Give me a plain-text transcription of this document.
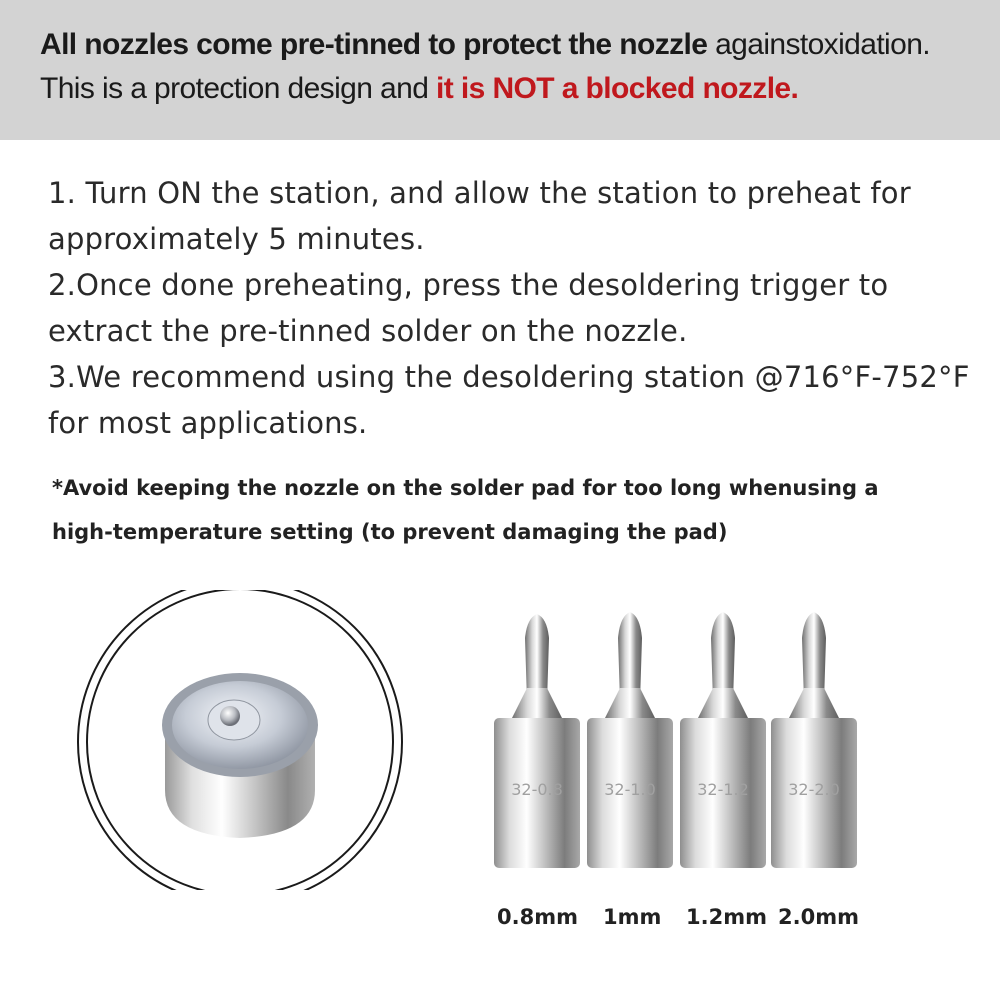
All nozzles come pre-tinned to protect the nozzle againstoxidation.
This is a protection design and it is NOT a blocked nozzle.

1. Turn ON the station, and allow the station to preheat for approximately 5 minutes.

2.Once done preheating, press the desoldering trigger to extract the pre-tinned solder on the nozzle.

3.We recommend using the desoldering station @716°F-752°F for most applications.

*Avoid keeping the nozzle on the solder pad for too long whenusing a

high-temperature setting (to prevent damaging the pad)

32-0.8	32-1.0	32-1.2 32-2.0
0.8mm 1mm 1.2mm 2.0mm
